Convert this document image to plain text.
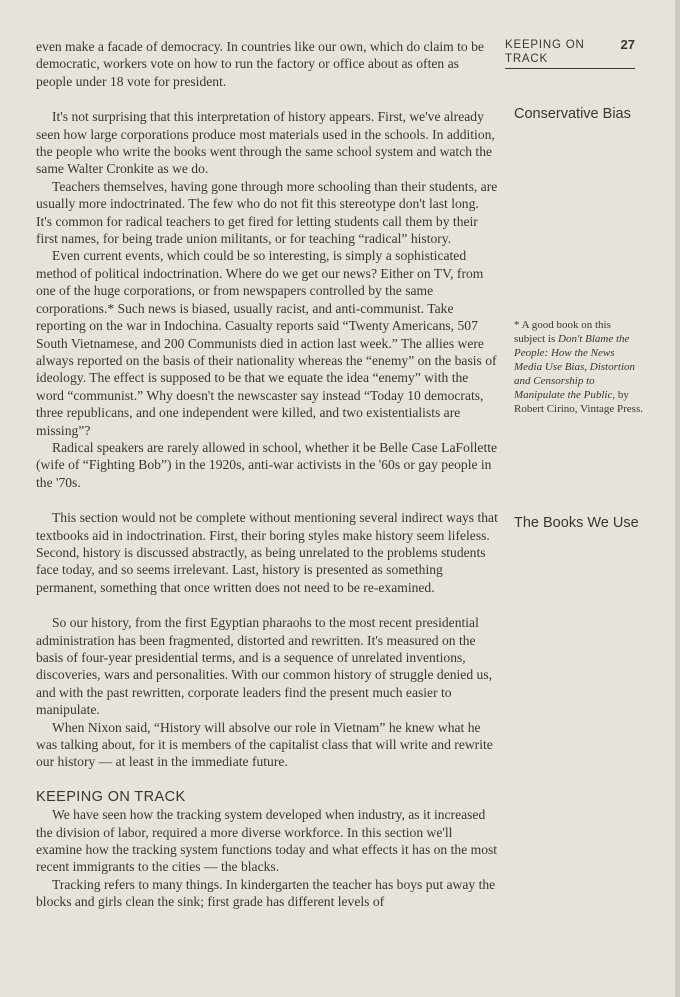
KEEPING ON
TRACK
27

even make a facade of democracy. In countries like our own, which do claim to be democratic, workers vote on how to run the factory or office about as often as people under 18 vote for president.

It's not surprising that this interpretation of history appears. First, we've already seen how large corporations produce most materials used in the schools. In addition, the people who write the books went through the same school system and watch the same Walter Cronkite as we do.

Teachers themselves, having gone through more schooling than their students, are usually more indoctrinated. The few who do not fit this stereotype don't last long. It's common for radical teachers to get fired for letting students call them by their first names, for being trade union militants, or for teaching “radical” history.

Even current events, which could be so interesting, is simply a sophisticated method of political indoctrination. Where do we get our news? Either on TV, from one of the huge corporations, or from newspapers controlled by the same corporations.* Such news is biased, usually racist, and anti-communist. Take reporting on the war in Indochina. Casualty reports said “Twenty Americans, 507 South Vietnamese, and 200 Communists died in action last week.” The allies were always reported on the basis of their nationality whereas the “enemy” on the basis of ideology. The effect is supposed to be that we equate the idea “enemy” with the word “communist.” Why doesn't the newscaster say instead “Today 10 democrats, three republicans, and one independent were killed, and two existentialists are missing”?

Radical speakers are rarely allowed in school, whether it be Belle Case LaFollette (wife of “Fighting Bob”) in the 1920s, anti-war activists in the '60s or gay people in the '70s.

This section would not be complete without mentioning several indirect ways that textbooks aid in indoctrination. First, their boring styles make history seem lifeless. Second, history is discussed abstractly, as being unrelated to the problems students face today, and so seems irrelevant. Last, history is presented as something permanent, something that once written does not need to be re-examined.

So our history, from the first Egyptian pharaohs to the most recent presidential administration has been fragmented, distorted and rewritten. It's measured on the basis of four-year presidential terms, and is a sequence of unrelated inventions, discoveries, wars and personalities. With our common history of struggle denied us, and with the past rewritten, corporate leaders find the present much easier to manipulate.

When Nixon said, “History will absolve our role in Vietnam” he knew what he was talking about, for it is members of the capitalist class that will write and rewrite our history — at least in the immediate future.

KEEPING ON TRACK

We have seen how the tracking system developed when industry, as it increased the division of labor, required a more diverse workforce. In this section we'll examine how the tracking system functions today and what effects it has on the most recent immigrants to the cities — the blacks.

Tracking refers to many things. In kindergarten the teacher has boys put away the blocks and girls clean the sink; first grade has different levels of

Conservative Bias
* A good book on this subject is Don't Blame the People: How the News Media Use Bias, Distortion and Censorship to Manipulate the Public, by Robert Cirino, Vintage Press.
The Books We Use
